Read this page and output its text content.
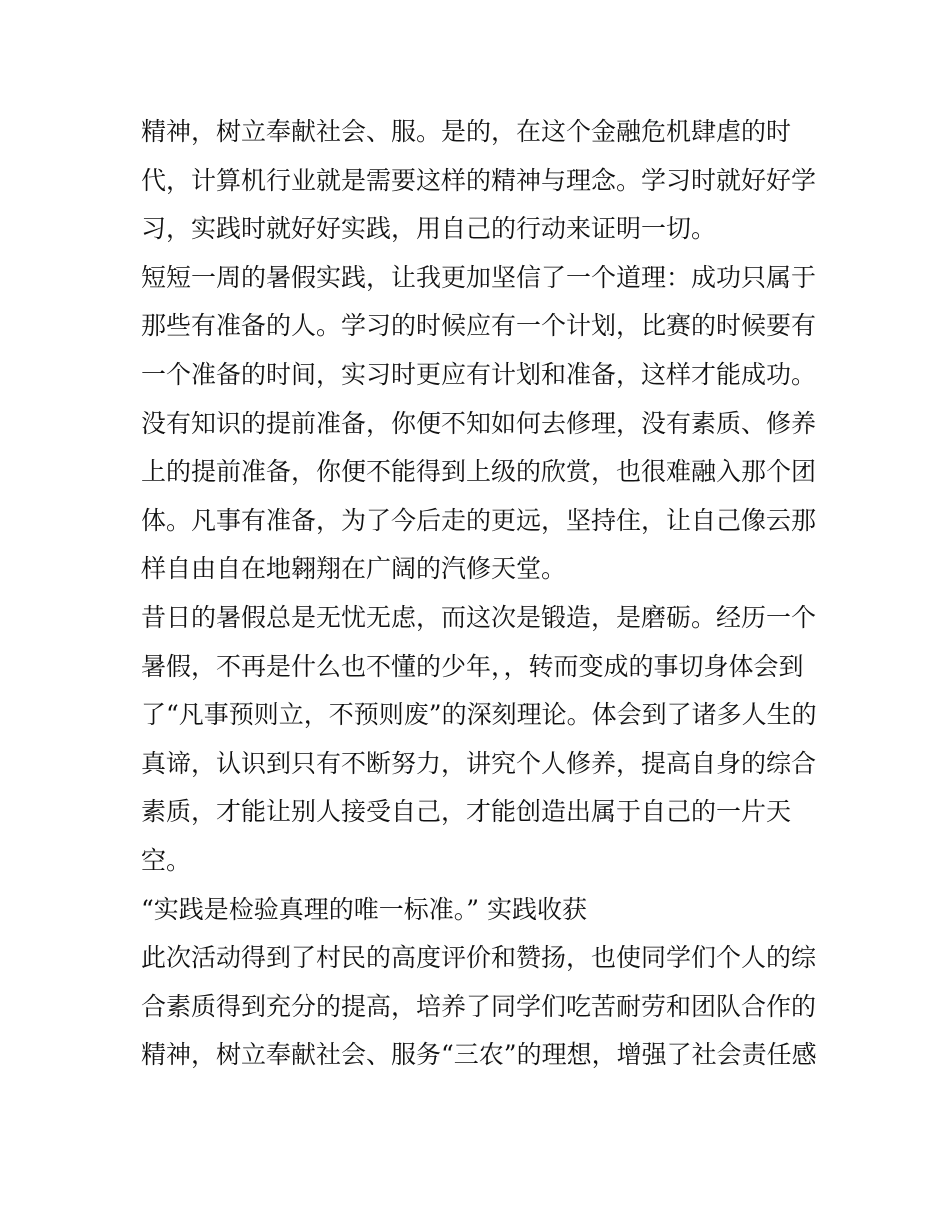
精神，树立奉献社会、服。是的，在这个金融危机肆虐的时
代，计算机行业就是需要这样的精神与理念。学习时就好好学
习，实践时就好好实践，用自己的行动来证明一切。
短短一周的暑假实践，让我更加坚信了一个道理：成功只属于
那些有准备的人。学习的时候应有一个计划，比赛的时候要有
一个准备的时间，实习时更应有计划和准备，这样才能成功。
没有知识的提前准备，你便不知如何去修理，没有素质、修养
上的提前准备，你便不能得到上级的欣赏，也很难融入那个团
体。凡事有准备，为了今后走的更远，坚持住，让自己像云那
样自由自在地翱翔在广阔的汽修天堂。
昔日的暑假总是无忧无虑，而这次是锻造，是磨砺。经历一个
暑假，不再是什么也不懂的少年，，转而变成的事切身体会到
了“凡事预则立，不预则废”的深刻理论。体会到了诸多人生的
真谛，认识到只有不断努力，讲究个人修养，提高自身的综合
素质，才能让别人接受自己，才能创造出属于自己的一片天
空。
“实践是检验真理的唯一标准。” 实践收获
此次活动得到了村民的高度评价和赞扬，也使同学们个人的综
合素质得到充分的提高，培养了同学们吃苦耐劳和团队合作的
精神，树立奉献社会、服务“三农”的理想，增强了社会责任感
